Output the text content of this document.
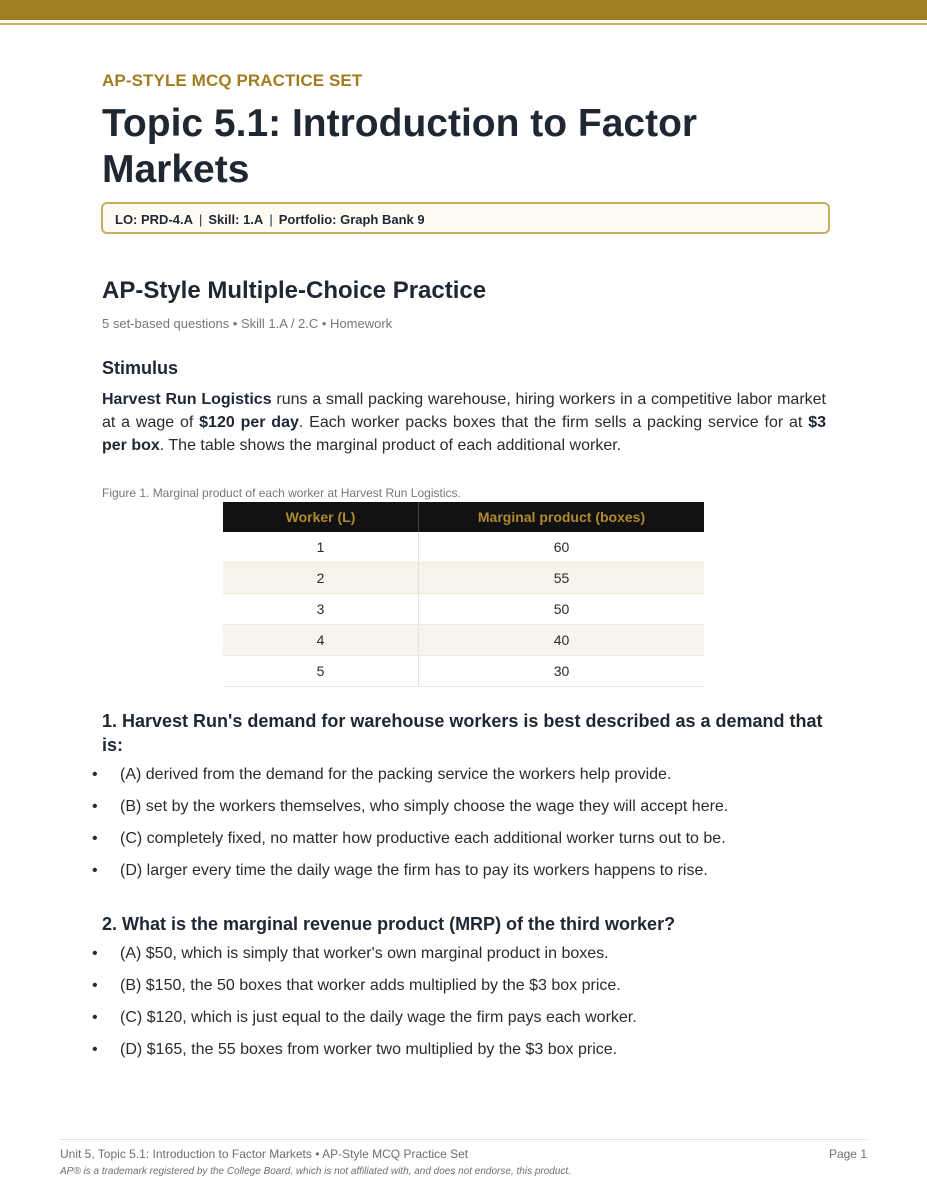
AP-STYLE MCQ PRACTICE SET
Topic 5.1: Introduction to Factor Markets
LO: PRD-4.A | Skill: 1.A | Portfolio: Graph Bank 9
AP-Style Multiple-Choice Practice
5 set-based questions • Skill 1.A / 2.C • Homework
Stimulus

Harvest Run Logistics runs a small packing warehouse, hiring workers in a competitive labor market at a wage of $120 per day. Each worker packs boxes that the firm sells a packing service for at $3 per box. The table shows the marginal product of each additional worker.

Figure 1. Marginal product of each worker at Harvest Run Logistics.
Worker (L)	Marginal product (boxes)
1	60
2	55
3	50
4	40
5	30

1. Harvest Run's demand for warehouse workers is best described as a demand that is:

• (A) derived from the demand for the packing service the workers help provide.
• (B) set by the workers themselves, who simply choose the wage they will accept here.
• (C) completely fixed, no matter how productive each additional worker turns out to be.
• (D) larger every time the daily wage the firm has to pay its workers happens to rise.

2. What is the marginal revenue product (MRP) of the third worker?

• (A) $50, which is simply that worker's own marginal product in boxes.
• (B) $150, the 50 boxes that worker adds multiplied by the $3 box price.
• (C) $120, which is just equal to the daily wage the firm pays each worker.
• (D) $165, the 55 boxes from worker two multiplied by the $3 box price.
Unit 5, Topic 5.1: Introduction to Factor Markets • AP-Style MCQ Practice Set	Page 1
AP® is a trademark registered by the College Board, which is not affiliated with, and does not endorse, this product.
